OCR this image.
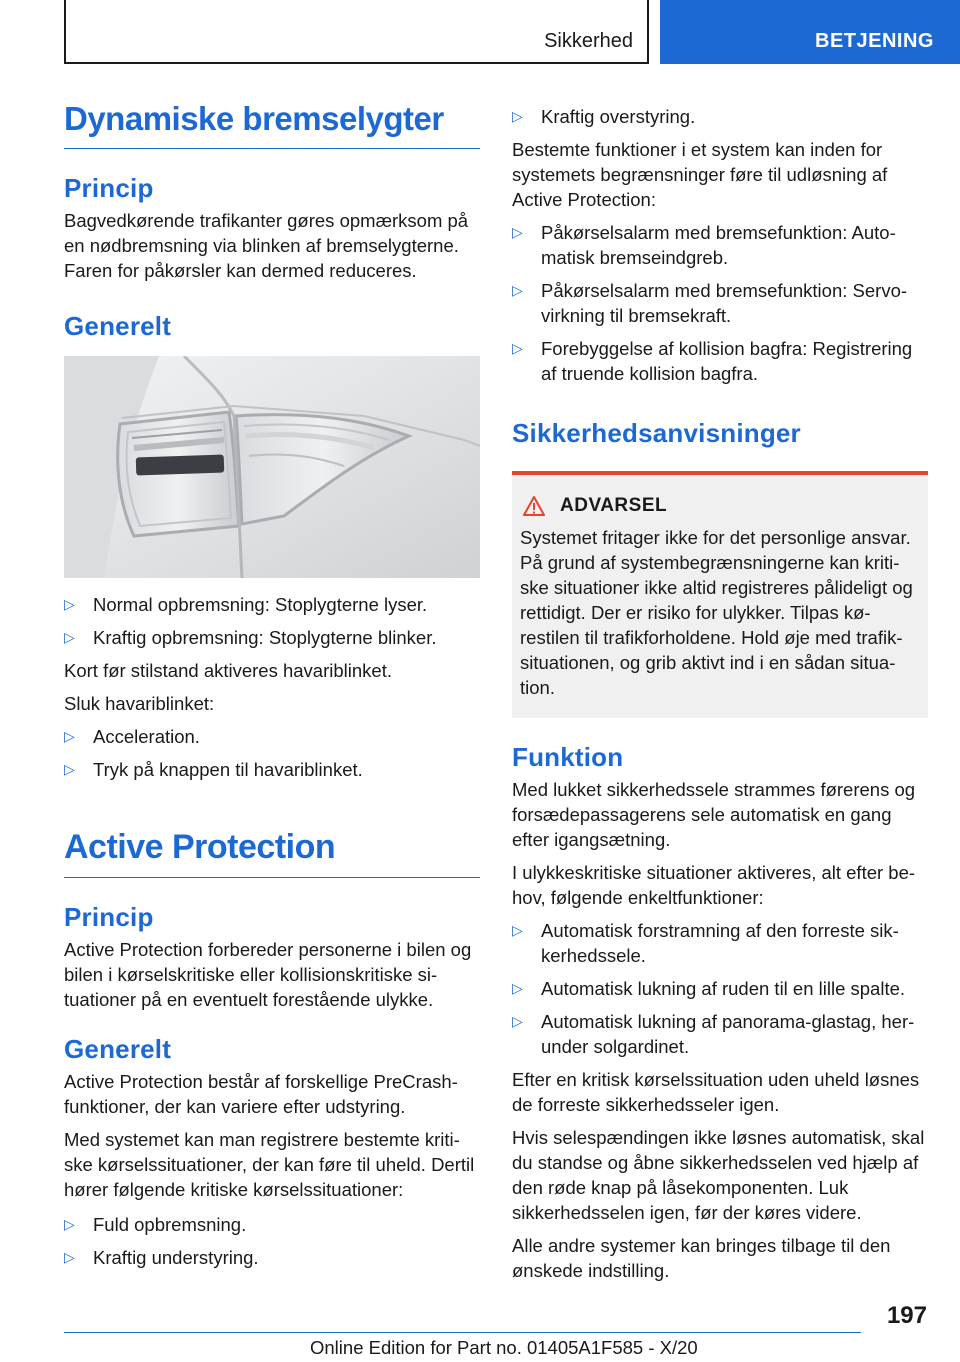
Sikkerhed	BETJENING
Dynamiske bremselygter
Princip
Bagvedkørende trafikanter gøres opmærksom på en nødbremsning via blinken af bremselygterne. Faren for påkørsler kan dermed reduceres.
Generelt
▷ Normal opbremsning: Stoplygterne lyser.
▷ Kraftig opbremsning: Stoplygterne blinker.
Kort før stilstand aktiveres havariblinket.
Sluk havariblinket:
▷ Acceleration.
▷ Tryk på knappen til havariblinket.
Active Protection
Princip
Active Protection forbereder personerne i bilen og bilen i kørselskritiske eller kollisionskritiske situationer på en eventuelt forestående ulykke.
Generelt
Active Protection består af forskellige PreCrash-funktioner, der kan variere efter udstyring.
Med systemet kan man registrere bestemte kritiske kørselssituationer, der kan føre til uheld. Dertil hører følgende kritiske kørselssituationer:
▷ Fuld opbremsning.
▷ Kraftig understyring.
▷ Kraftig overstyring.
Bestemte funktioner i et system kan inden for systemets begrænsninger føre til udløsning af Active Protection:
▷ Påkørselsalarm med bremsefunktion: Automatisk bremseindgreb.
▷ Påkørselsalarm med bremsefunktion: Servovirkning til bremsekraft.
▷ Forebyggelse af kollision bagfra: Registrering af truende kollision bagfra.
Sikkerhedsanvisninger
ADVARSEL
Systemet fritager ikke for det personlige ansvar. På grund af systembegrænsningerne kan kritiske situationer ikke altid registreres pålideligt og rettidigt. Der er risiko for ulykker. Tilpas kørestilen til trafikforholdene. Hold øje med trafiksituationen, og grib aktivt ind i en sådan situation.
Funktion
Med lukket sikkerhedssele strammes førerens og forsædepassagerens sele automatisk en gang efter igangsætning.
I ulykkeskritiske situationer aktiveres, alt efter behov, følgende enkeltfunktioner:
▷ Automatisk forstramning af den forreste sikkerhedssele.
▷ Automatisk lukning af ruden til en lille spalte.
▷ Automatisk lukning af panorama-glastag, herunder solgardinet.
Efter en kritisk kørselssituation uden uheld løsnes de forreste sikkerhedsseler igen.
Hvis selespændingen ikke løsnes automatisk, skal du standse og åbne sikkerhedsselen ved hjælp af den røde knap på låsekomponenten. Luk sikkerhedsselen igen, før der køres videre.
Alle andre systemer kan bringes tilbage til den ønskede indstilling.
197
Online Edition for Part no. 01405A1F585 - X/20
